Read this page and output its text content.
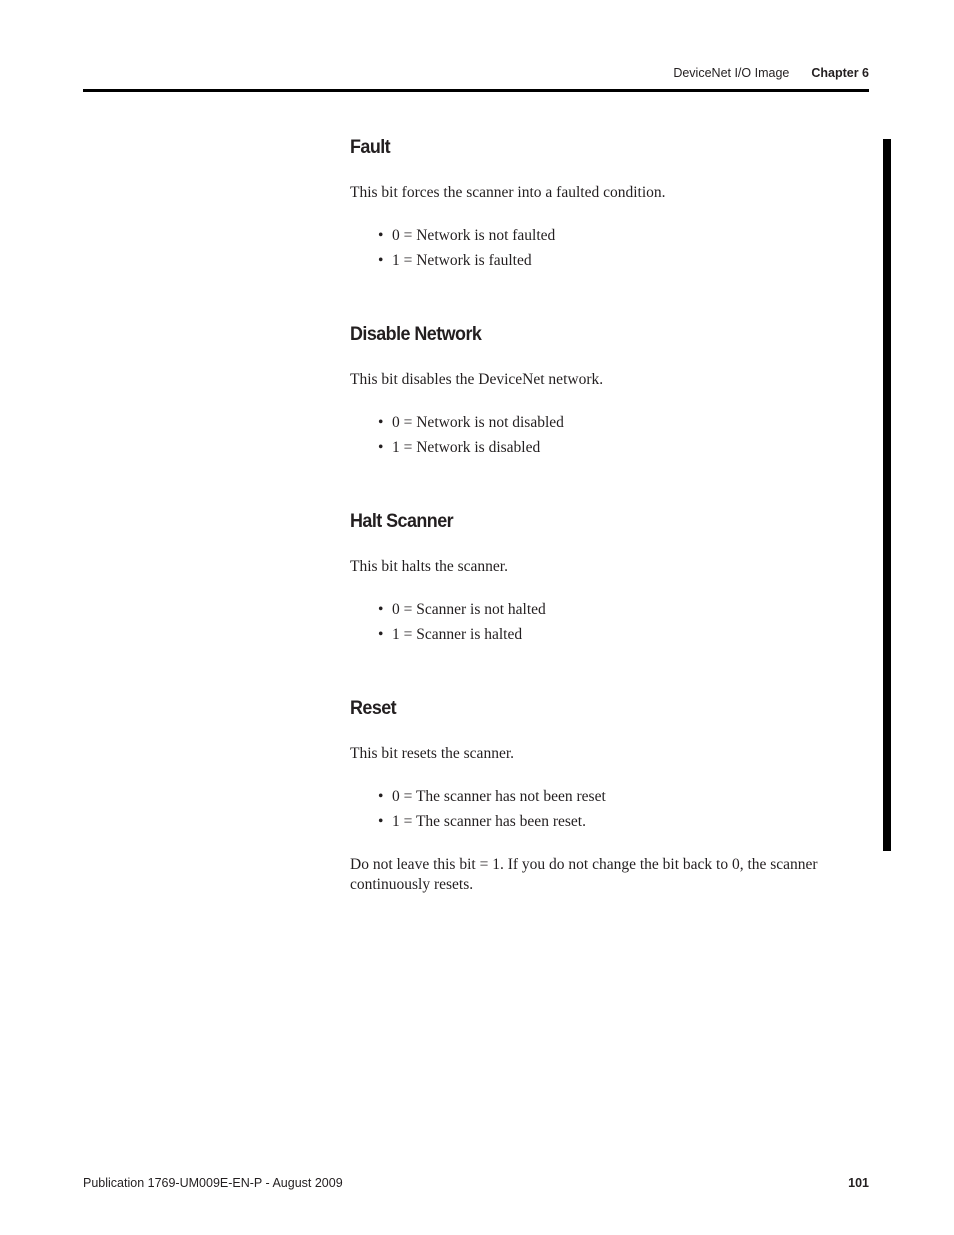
DeviceNet I/O Image Chapter 6
Fault

This bit forces the scanner into a faulted condition.

• 0 = Network is not faulted
• 1 = Network is faulted
Disable Network

This bit disables the DeviceNet network.

• 0 = Network is not disabled
• 1 = Network is disabled
Halt Scanner

This bit halts the scanner.

• 0 = Scanner is not halted
• 1 = Scanner is halted
Reset

This bit resets the scanner.

• 0 = The scanner has not been reset
• 1 = The scanner has been reset.

Do not leave this bit = 1. If you do not change the bit back to 0, the scanner continuously resets.

Publication 1769-UM009E-EN-P - August 2009	101
